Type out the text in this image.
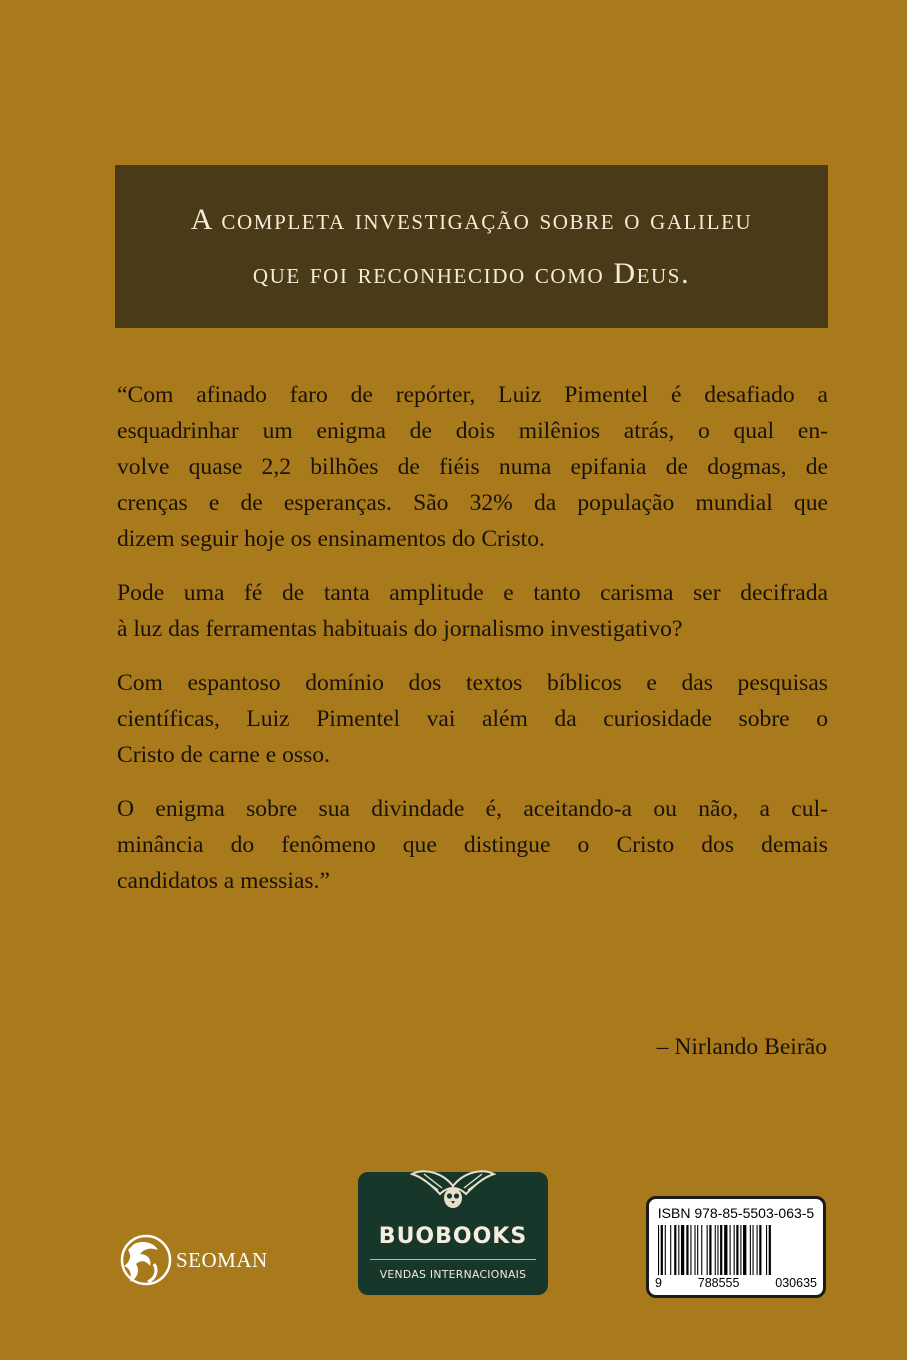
A completa investigação sobre o galileu
que foi reconhecido como Deus.

“Com afinado faro de repórter, Luiz Pimentel é desafiado a
esquadrinhar um enigma de dois milênios atrás, o qual en-
volve quase 2,2 bilhões de fiéis numa epifania de dogmas, de
crenças e de esperanças. São 32% da população mundial que
dizem seguir hoje os ensinamentos do Cristo.

Pode uma fé de tanta amplitude e tanto carisma ser decifrada
à luz das ferramentas habituais do jornalismo investigativo?

Com espantoso domínio dos textos bíblicos e das pesquisas
científicas, Luiz Pimentel vai além da curiosidade sobre o
Cristo de carne e osso.

O enigma sobre sua divindade é, aceitando-a ou não, a cul-
minância do fenômeno que distingue o Cristo dos demais
candidatos a messias.”

– Nirlando Beirão
SEOMAN
BUOBOOKS
VENDAS INTERNACIONAIS
ISBN 978-85-5503-063-5
9	788555	030635
